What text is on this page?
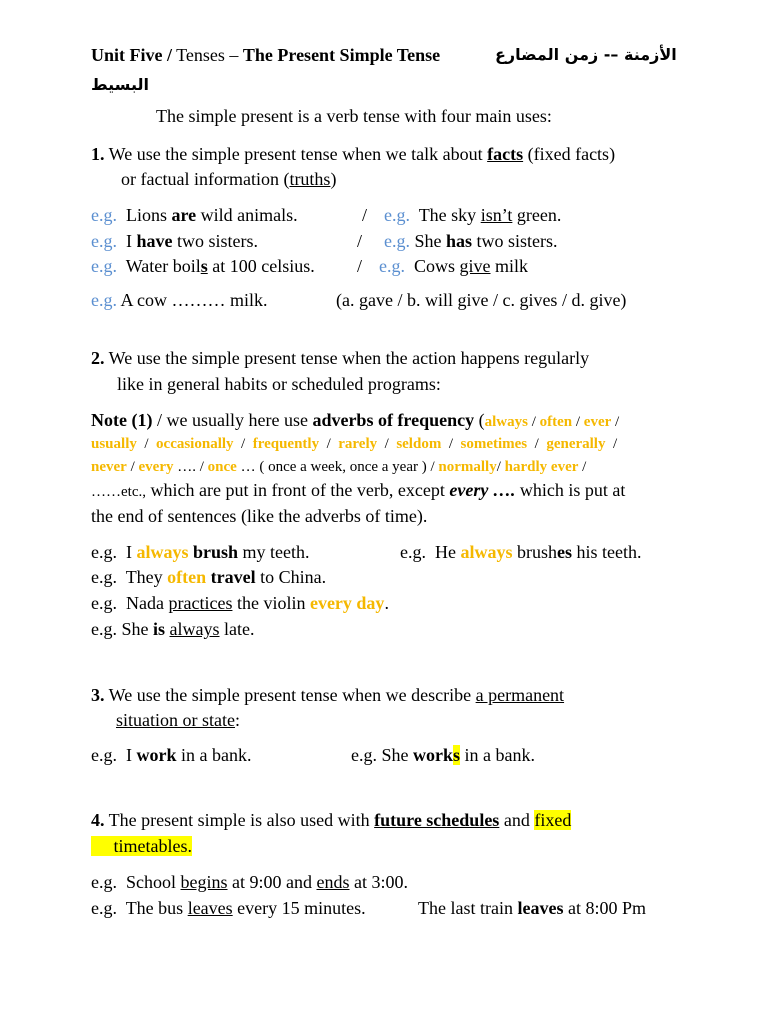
Unit Five / Tenses – The Present Simple Tense	الأزمنة –- زمن المضارع
البسيط
The simple present is a verb tense with four main uses:
1. We use the simple present tense when we talk about facts (fixed facts)
or factual information (truths)
e.g. Lions are wild animals.	/ e.g. The sky isn’t green.
e.g. I have two sisters.	/ e.g. She has two sisters.
e.g. Water boils at 100 celsius. / e.g. Cows give milk
e.g. A cow ……… milk.	(a. gave / b. will give / c. gives / d. give)
2. We use the simple present tense when the action happens regularly
like in general habits or scheduled programs:
Note (1) / we usually here use adverbs of frequency (always / often / ever /
usually  /  occasionally  /  frequently  /  rarely  /  seldom  /  sometimes  /  generally  /
never / every …. / once … ( once a week, once a year ) / normally/ hardly ever /
……etc., which are put in front of the verb, except every …. which is put at
the end of sentences (like the adverbs of time).
e.g. I always brush my teeth.	e.g. He always brushes his teeth.
e.g. They often travel to China.
e.g. Nada practices the violin every day.
e.g. She is always late.
3. We use the simple present tense when we describe a permanent
situation or state:
e.g. I work in a bank.	e.g. She works in a bank.
4. The present simple is also used with future schedules and fixed
timetables.
e.g. School begins at 9:00 and ends at 3:00.
e.g. The bus leaves every 15 minutes.	The last train leaves at 8:00 Pm
